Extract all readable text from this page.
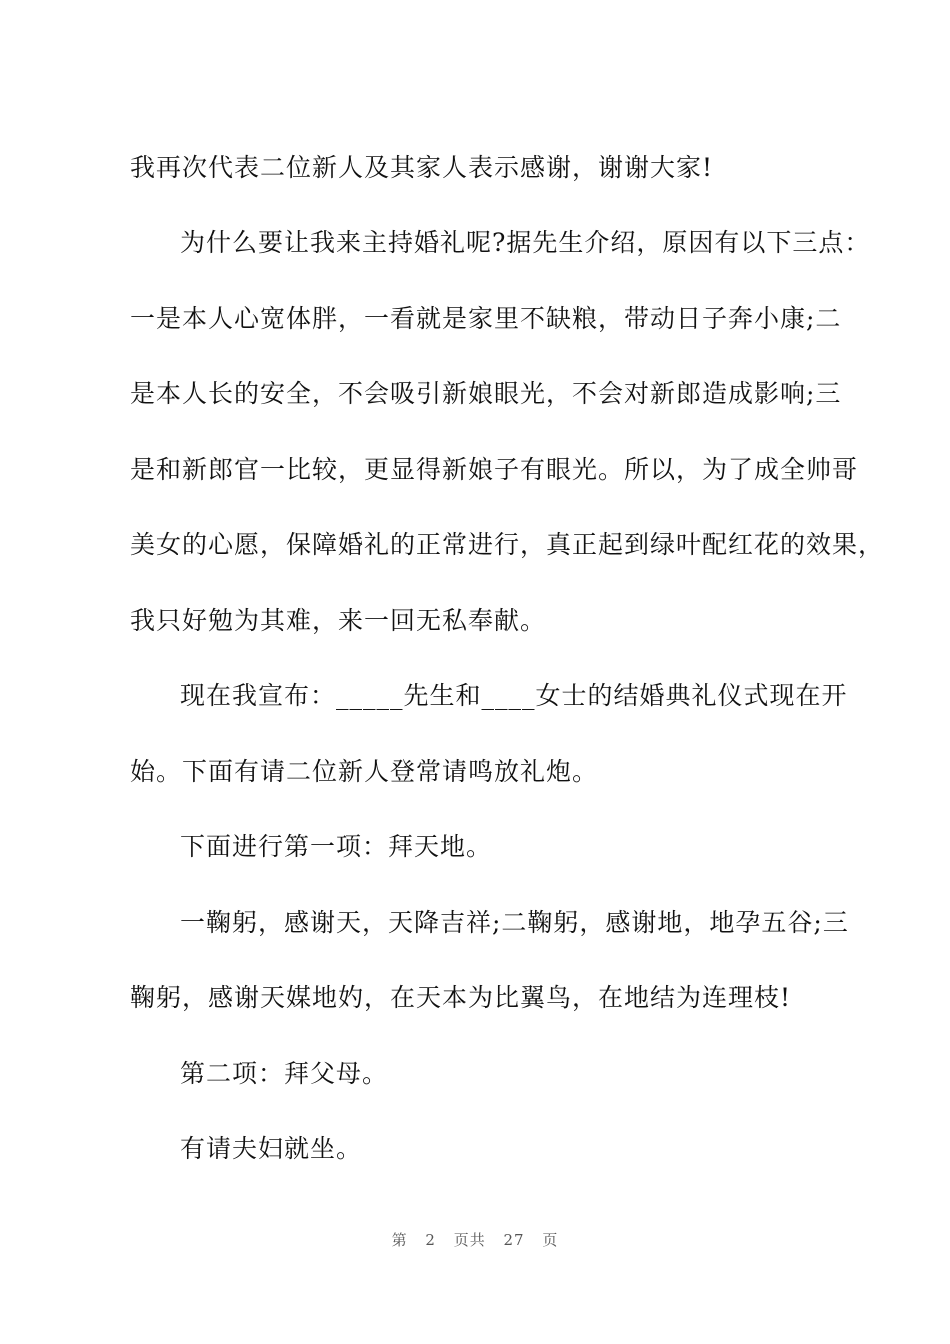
我再次代表二位新人及其家人表示感谢，谢谢大家!
为什么要让我来主持婚礼呢?据先生介绍，原因有以下三点：
一是本人心宽体胖，一看就是家里不缺粮，带动日子奔小康;二
是本人长的安全，不会吸引新娘眼光，不会对新郎造成影响;三
是和新郎官一比较，更显得新娘子有眼光。所以，为了成全帅哥
美女的心愿，保障婚礼的正常进行，真正起到绿叶配红花的效果，
我只好勉为其难，来一回无私奉献。
现在我宣布：_____先生和____女士的结婚典礼仪式现在开
始。下面有请二位新人登常请鸣放礼炮。
下面进行第一项：拜天地。
一鞠躬，感谢天，天降吉祥;二鞠躬，感谢地，地孕五谷;三
鞠躬，感谢天媒地妁，在天本为比翼鸟，在地结为连理枝!
第二项：拜父母。
有请夫妇就坐。
第 2 页共 27 页
